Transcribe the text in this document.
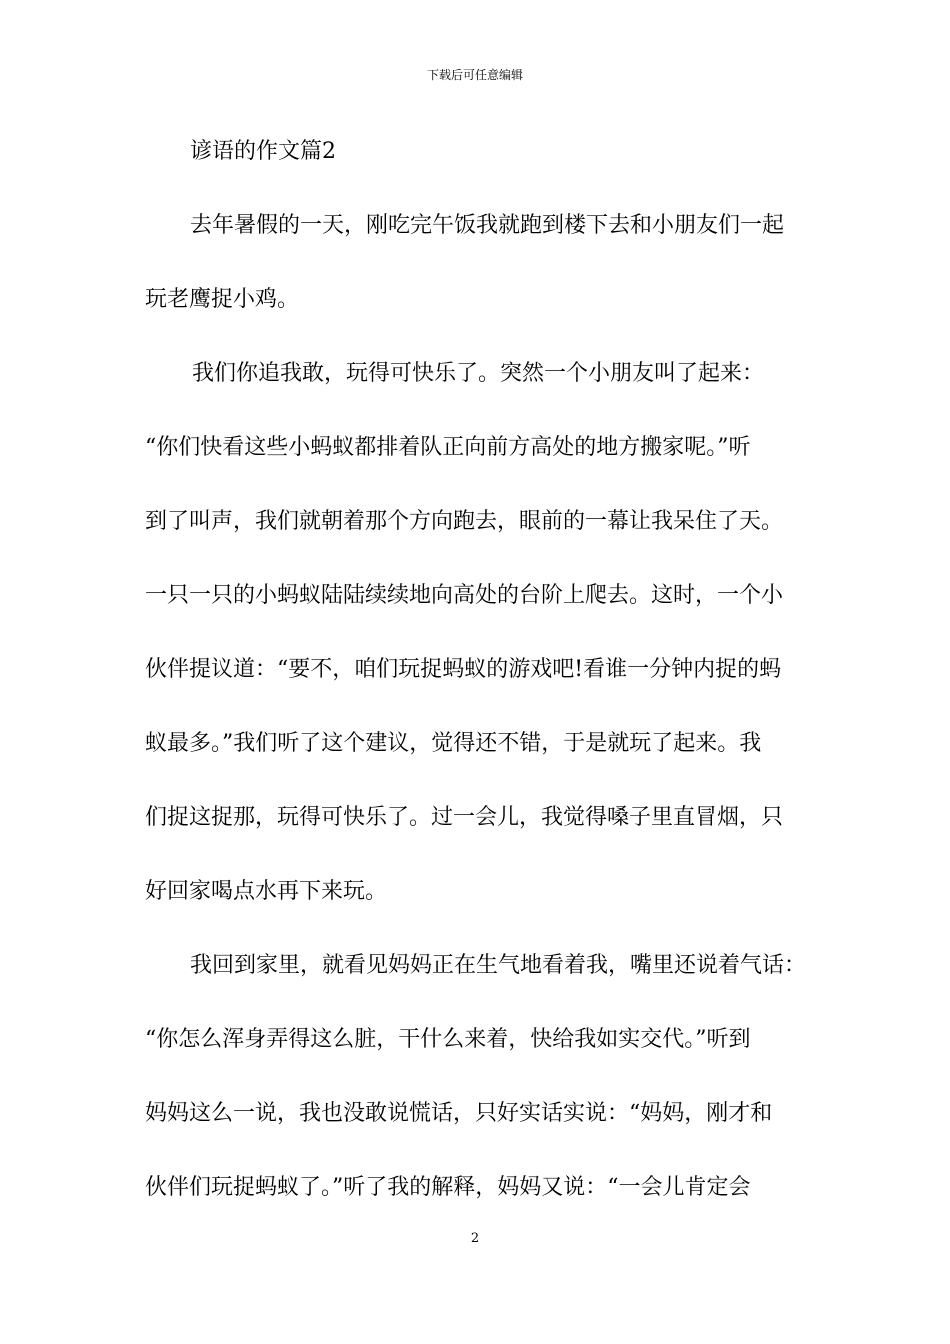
下载后可任意编辑
谚语的作文篇2
去年暑假的一天，刚吃完午饭我就跑到楼下去和小朋友们一起
玩老鹰捉小鸡。
我们你追我敢，玩得可快乐了。突然一个小朋友叫了起来：
“你们快看这些小蚂蚁都排着队正向前方高处的地方搬家呢。”听
到了叫声，我们就朝着那个方向跑去，眼前的一幕让我呆住了天。
一只一只的小蚂蚁陆陆续续地向高处的台阶上爬去。这时，一个小
伙伴提议道：“要不，咱们玩捉蚂蚁的游戏吧!看谁一分钟内捉的蚂
蚁最多。”我们听了这个建议，觉得还不错，于是就玩了起来。我
们捉这捉那，玩得可快乐了。过一会儿，我觉得嗓子里直冒烟，只
好回家喝点水再下来玩。
我回到家里，就看见妈妈正在生气地看着我，嘴里还说着气话：
“你怎么浑身弄得这么脏，干什么来着，快给我如实交代。”听到
妈妈这么一说，我也没敢说慌话，只好实话实说：“妈妈，刚才和
伙伴们玩捉蚂蚁了。”听了我的解释，妈妈又说：“一会儿肯定会
2
